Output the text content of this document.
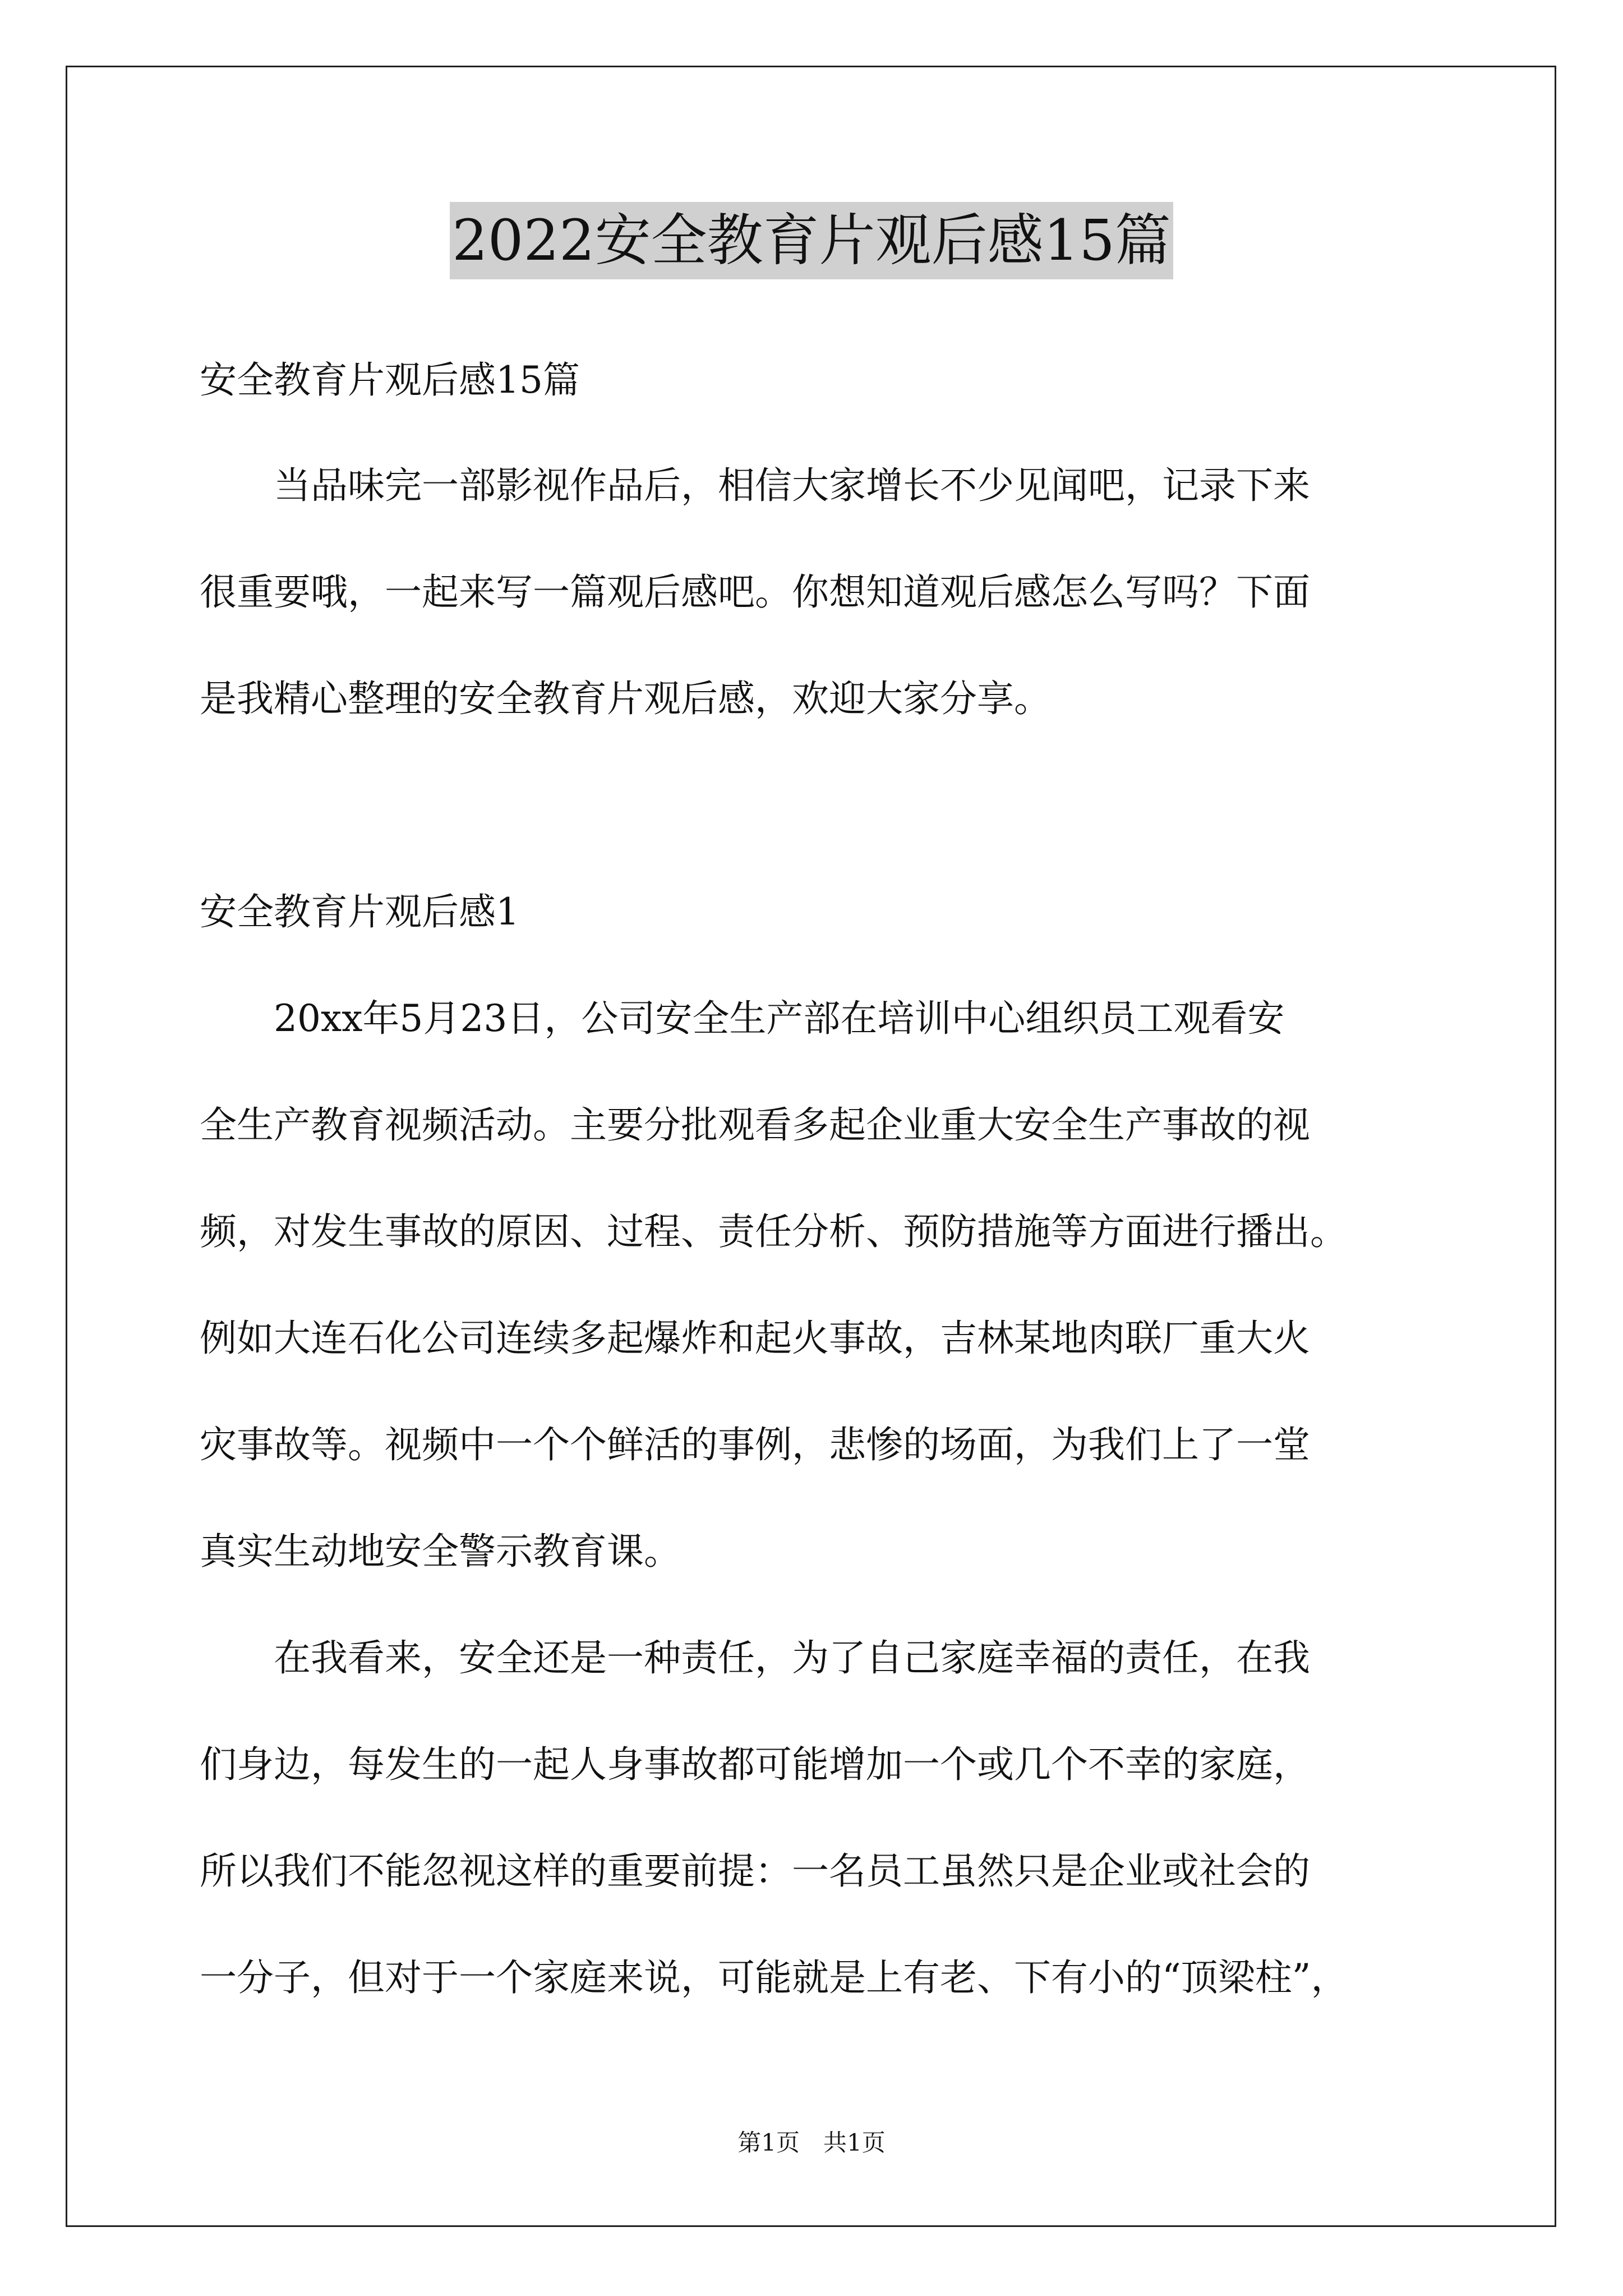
2022安全教育片观后感15篇
安全教育片观后感15篇
　　当品味完一部影视作品后，相信大家增长不少见闻吧，记录下来
很重要哦，一起来写一篇观后感吧。你想知道观后感怎么写吗？下面
是我精心整理的安全教育片观后感，欢迎大家分享。
安全教育片观后感1
　　20xx年5月23日，公司安全生产部在培训中心组织员工观看安
全生产教育视频活动。主要分批观看多起企业重大安全生产事故的视
频，对发生事故的原因、过程、责任分析、预防措施等方面进行播出。
例如大连石化公司连续多起爆炸和起火事故，吉林某地肉联厂重大火
灾事故等。视频中一个个鲜活的事例，悲惨的场面，为我们上了一堂
真实生动地安全警示教育课。
　　在我看来，安全还是一种责任，为了自己家庭幸福的责任，在我
们身边，每发生的一起人身事故都可能增加一个或几个不幸的家庭，
所以我们不能忽视这样的重要前提：一名员工虽然只是企业或社会的
一分子，但对于一个家庭来说，可能就是上有老、下有小的“顶梁柱”，
第1页　共1页
